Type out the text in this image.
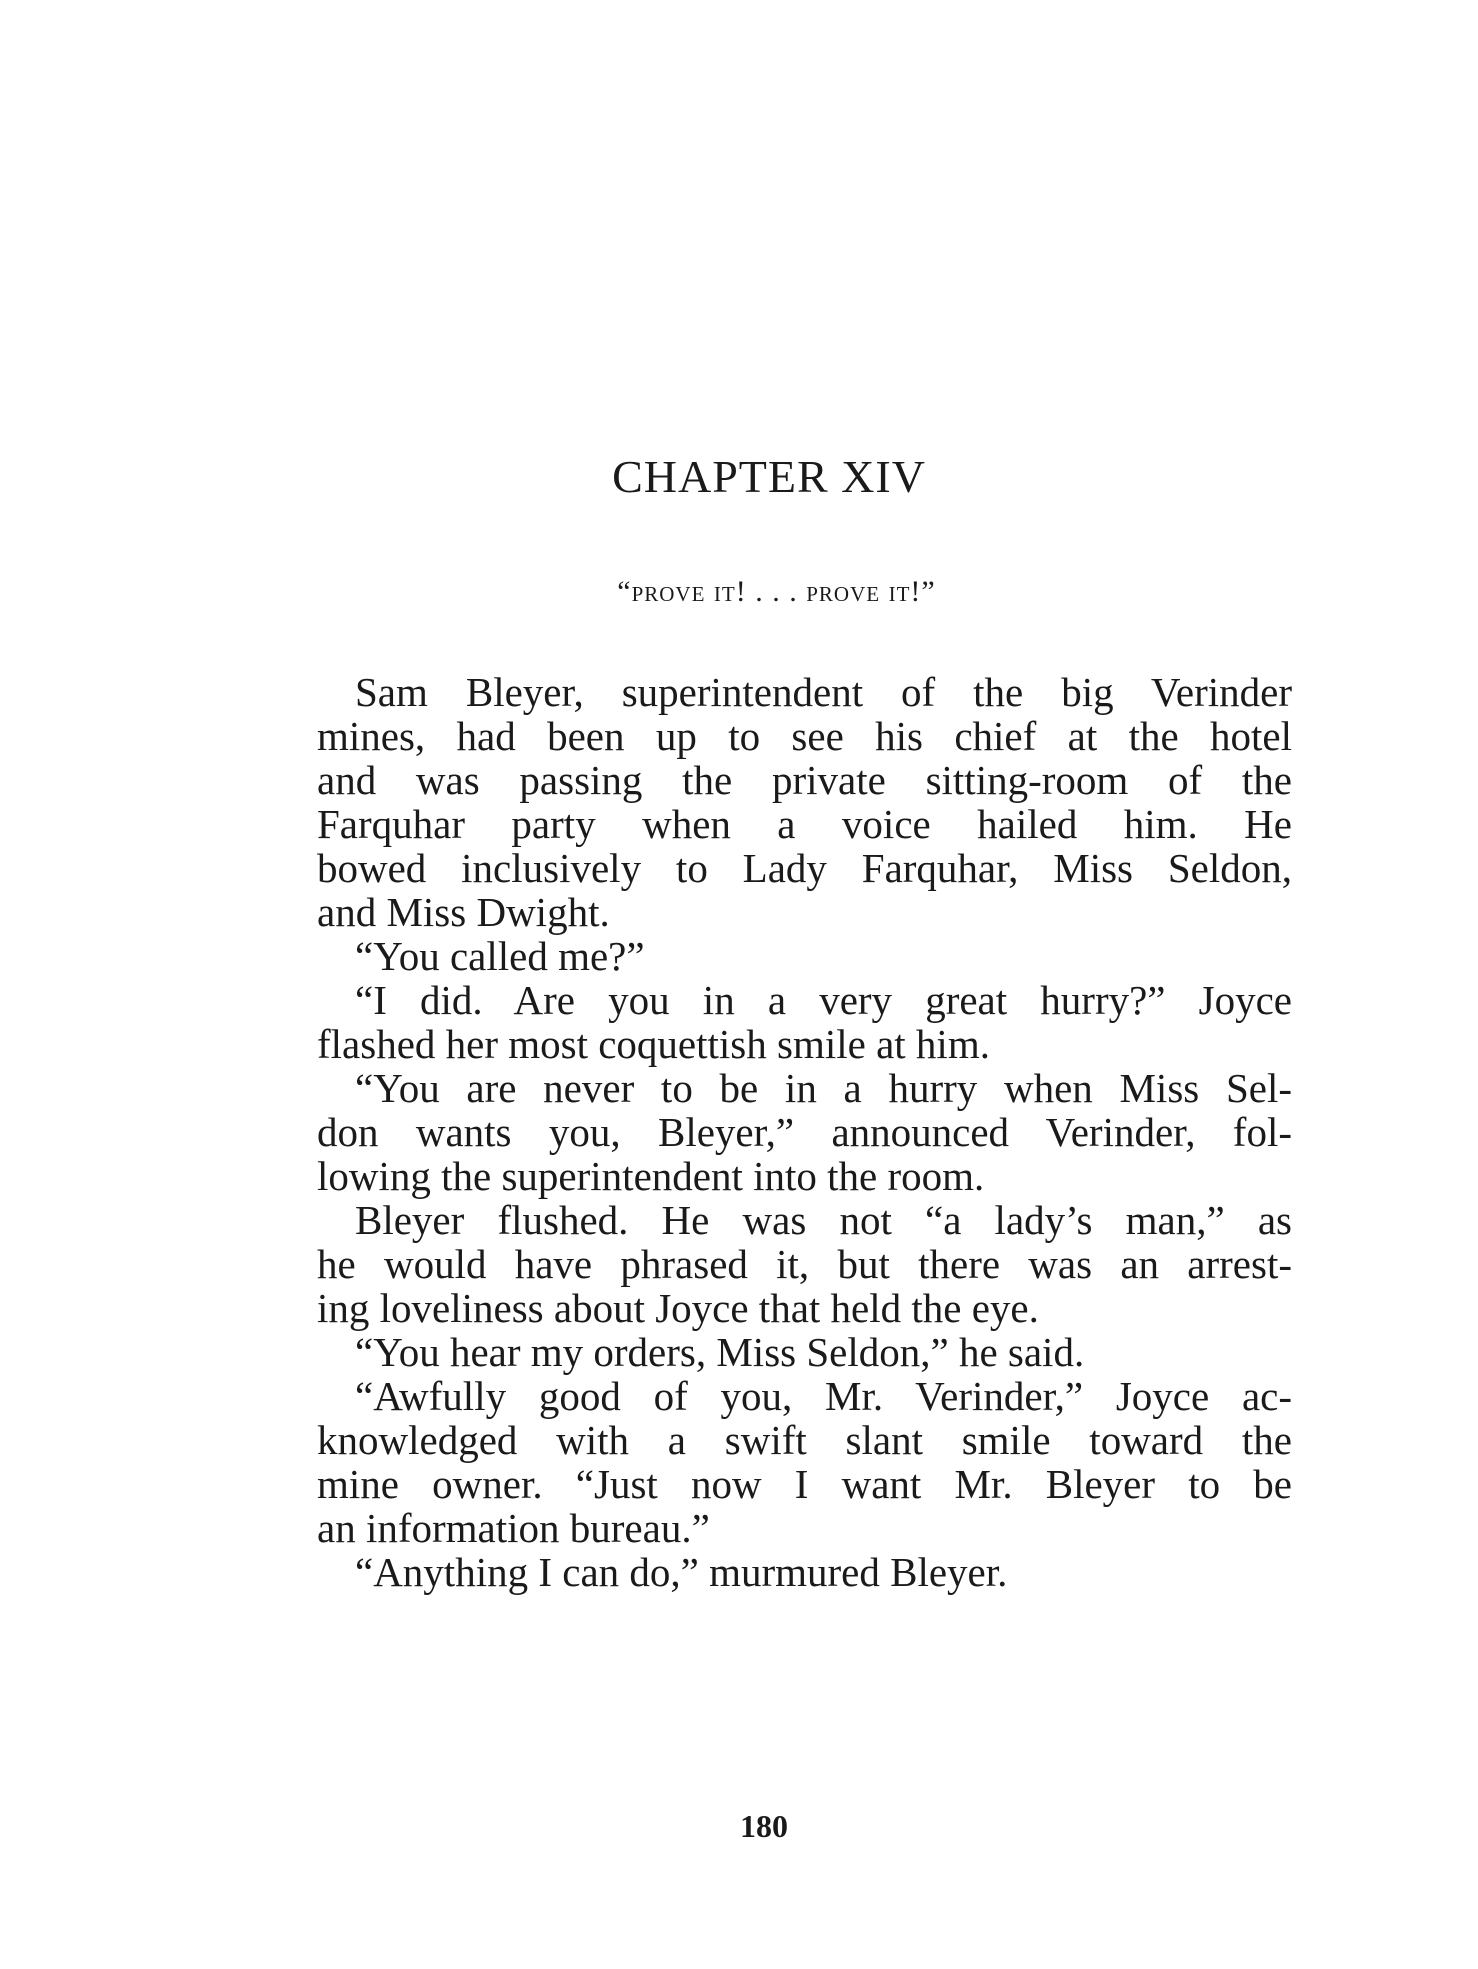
CHAPTER XIV
“prove it! . . . prove it!”
Sam Bleyer, superintendent of the big Verinder
mines, had been up to see his chief at the hotel
and was passing the private sitting-room of the
Farquhar party when a voice hailed him. He
bowed inclusively to Lady Farquhar, Miss Seldon,
and Miss Dwight.
“You called me?”
“I did. Are you in a very great hurry?” Joyce
flashed her most coquettish smile at him.
“You are never to be in a hurry when Miss Sel-
don wants you, Bleyer,” announced Verinder, fol-
lowing the superintendent into the room.
Bleyer flushed. He was not “a lady’s man,” as
he would have phrased it, but there was an arrest-
ing loveliness about Joyce that held the eye.
“You hear my orders, Miss Seldon,” he said.
“Awfully good of you, Mr. Verinder,” Joyce ac-
knowledged with a swift slant smile toward the
mine owner. “Just now I want Mr. Bleyer to be
an information bureau.”
“Anything I can do,” murmured Bleyer.
180
